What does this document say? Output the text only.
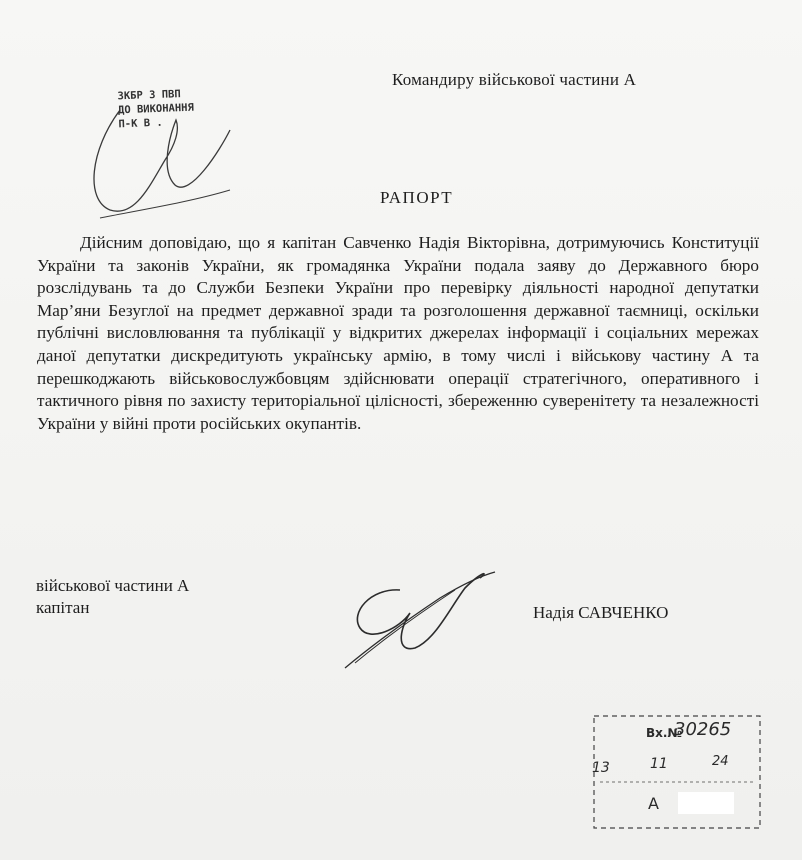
Командиру військової частини А
ЗКБР 3 ПВП
ДО ВИКОНАННЯ
П-К В .
РАПОРТ
Дійсним доповідаю, що я капітан Савченко Надія Вікторівна, дотримуючись Конституції України та законів України, як громадянка України подала заяву до Державного бюро розслідувань та до Служби Безпеки України про перевірку діяльності народної депутатки Мар’яни Безуглої на предмет державної зради та розголошення державної таємниці, оскільки публічні висловлювання та публікації у відкритих джерелах інформації і соціальних мережах даної депутатки дискредитують українську армію, в тому числі і військову частину А та перешкоджають військовослужбовцям здійснювати операції стратегічного, оперативного і тактичного рівня по захисту територіальної цілісності, збереженню суверенітету та незалежності України у війні проти російських окупантів.
військової частини А
капітан	Надія САВЧЕНКО
Вх.№
30265
13	11	24
А
